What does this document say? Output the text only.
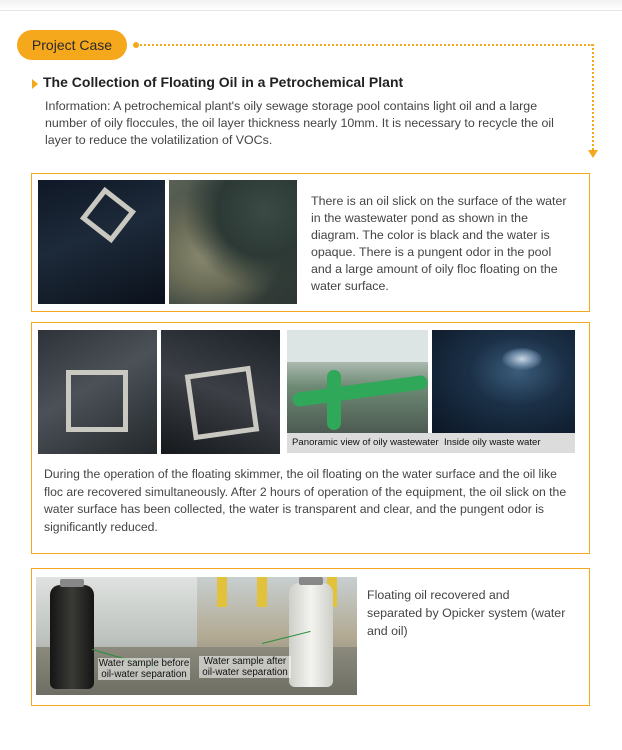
Project Case
The Collection of Floating Oil in a Petrochemical Plant
Information: A petrochemical plant's oily sewage storage pool contains light oil and a large number of oily floccules, the oil layer thickness nearly 10mm. It is necessary to recycle the oil layer to reduce the volatilization of VOCs.
There is an oil slick on the surface of the water in the wastewater pond as shown in the diagram. The color is black and the water is opaque. There is a pungent odor in the pool and a large amount of oily floc floating on the water surface.
Panoramic view of oily wastewater Inside oily waste water
During the operation of the floating skimmer, the oil floating on the water surface and the oil like floc are recovered simultaneously. After 2 hours of operation of the equipment, the oil slick on the water surface has been collected, the water is transparent and clear, and the pungent odor is significantly reduced.
Water sample before oil-water separation
Water sample after oil-water separation
Floating oil recovered and separated by Opicker system (water and oil)
